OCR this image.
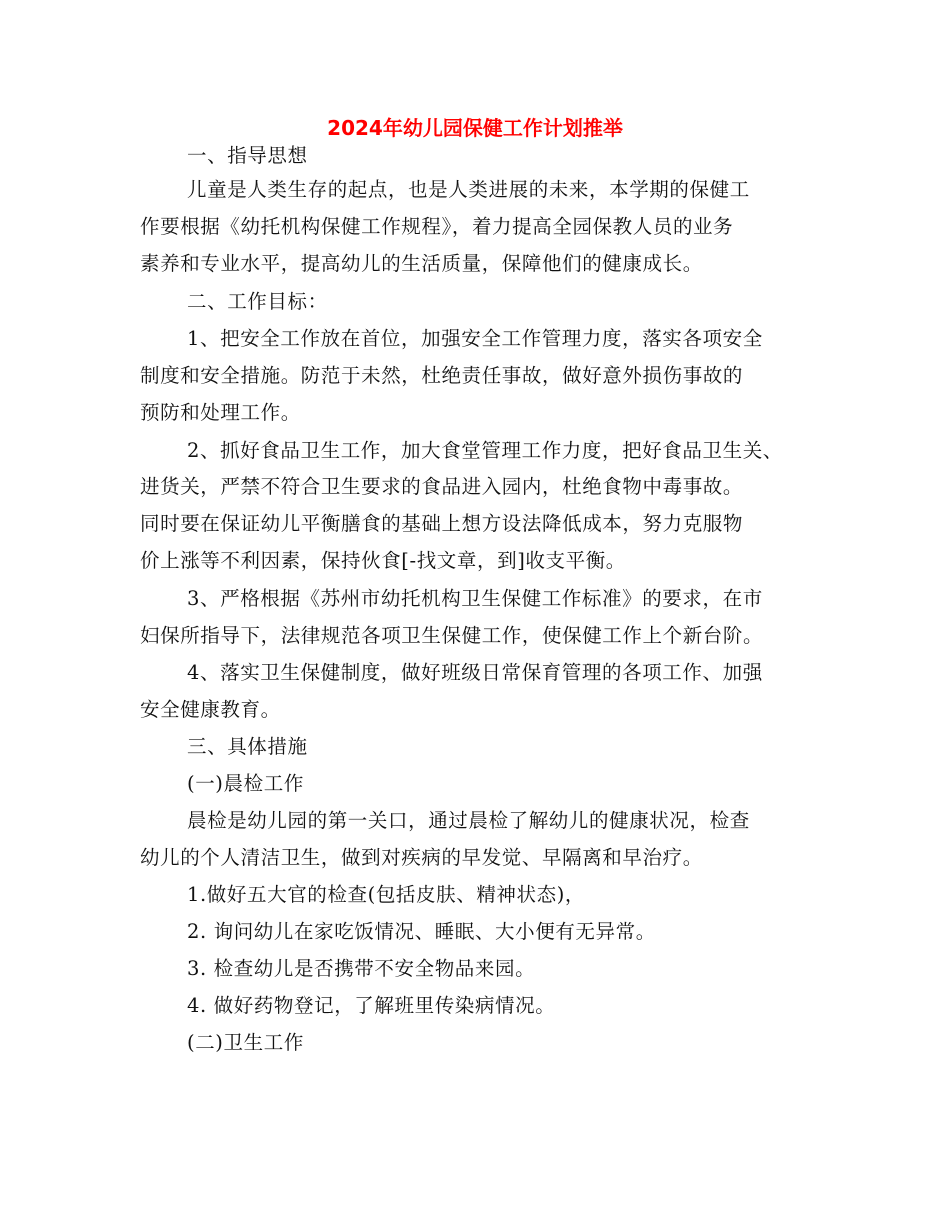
2024年幼儿园保健工作计划推举
一、指导思想
儿童是人类生存的起点，也是人类进展的未来，本学期的保健工
作要根据《幼托机构保健工作规程》，着力提高全园保教人员的业务
素养和专业水平，提高幼儿的生活质量，保障他们的健康成长。
二、工作目标：
1、把安全工作放在首位，加强安全工作管理力度，落实各项安全
制度和安全措施。防范于未然，杜绝责任事故，做好意外损伤事故的
预防和处理工作。
2、抓好食品卫生工作，加大食堂管理工作力度，把好食品卫生关、
进货关，严禁不符合卫生要求的食品进入园内，杜绝食物中毒事故。
同时要在保证幼儿平衡膳食的基础上想方设法降低成本，努力克服物
价上涨等不利因素，保持伙食[-找文章，到]收支平衡。
3、严格根据《苏州市幼托机构卫生保健工作标准》的要求，在市
妇保所指导下，法律规范各项卫生保健工作，使保健工作上个新台阶。
4、落实卫生保健制度，做好班级日常保育管理的各项工作、加强
安全健康教育。
三、具体措施
(一)晨检工作
晨检是幼儿园的第一关口，通过晨检了解幼儿的健康状况，检查
幼儿的个人清洁卫生，做到对疾病的早发觉、早隔离和早治疗。
1.做好五大官的检查(包括皮肤、精神状态)，
2. 询问幼儿在家吃饭情况、睡眠、大小便有无异常。
3. 检查幼儿是否携带不安全物品来园。
4. 做好药物登记，了解班里传染病情况。
(二)卫生工作
